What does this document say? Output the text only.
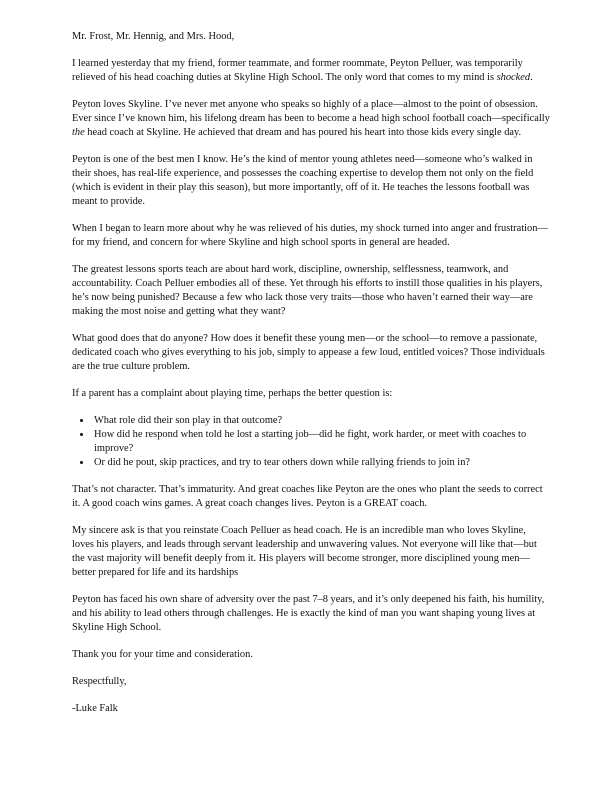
Mr. Frost, Mr. Hennig, and Mrs. Hood,

I learned yesterday that my friend, former teammate, and former roommate, Peyton Pelluer, was temporarily relieved of his head coaching duties at Skyline High School. The only word that comes to my mind is shocked.

Peyton loves Skyline. I’ve never met anyone who speaks so highly of a place—almost to the point of obsession. Ever since I’ve known him, his lifelong dream has been to become a head high school football coach—specifically the head coach at Skyline. He achieved that dream and has poured his heart into those kids every single day.

Peyton is one of the best men I know. He’s the kind of mentor young athletes need—someone who’s walked in their shoes, has real-life experience, and possesses the coaching expertise to develop them not only on the field (which is evident in their play this season), but more importantly, off of it. He teaches the lessons football was meant to provide.

When I began to learn more about why he was relieved of his duties, my shock turned into anger and frustration—for my friend, and concern for where Skyline and high school sports in general are headed.

The greatest lessons sports teach are about hard work, discipline, ownership, selflessness, teamwork, and accountability. Coach Pelluer embodies all of these. Yet through his efforts to instill those qualities in his players, he’s now being punished? Because a few who lack those very traits—those who haven’t earned their way—are making the most noise and getting what they want?

What good does that do anyone? How does it benefit these young men—or the school—to remove a passionate, dedicated coach who gives everything to his job, simply to appease a few loud, entitled voices? Those individuals are the true culture problem.

If a parent has a complaint about playing time, perhaps the better question is:

• What role did their son play in that outcome?
• How did he respond when told he lost a starting job—did he fight, work harder, or meet with coaches to improve?
• Or did he pout, skip practices, and try to tear others down while rallying friends to join in?

That’s not character. That’s immaturity. And great coaches like Peyton are the ones who plant the seeds to correct it. A good coach wins games. A great coach changes lives. Peyton is a GREAT coach.

My sincere ask is that you reinstate Coach Pelluer as head coach. He is an incredible man who loves Skyline, loves his players, and leads through servant leadership and unwavering values. Not everyone will like that—but the vast majority will benefit deeply from it. His players will become stronger, more disciplined young men—better prepared for life and its hardships

Peyton has faced his own share of adversity over the past 7–8 years, and it’s only deepened his faith, his humility, and his ability to lead others through challenges. He is exactly the kind of man you want shaping young lives at Skyline High School.

Thank you for your time and consideration.

Respectfully,

-Luke Falk
